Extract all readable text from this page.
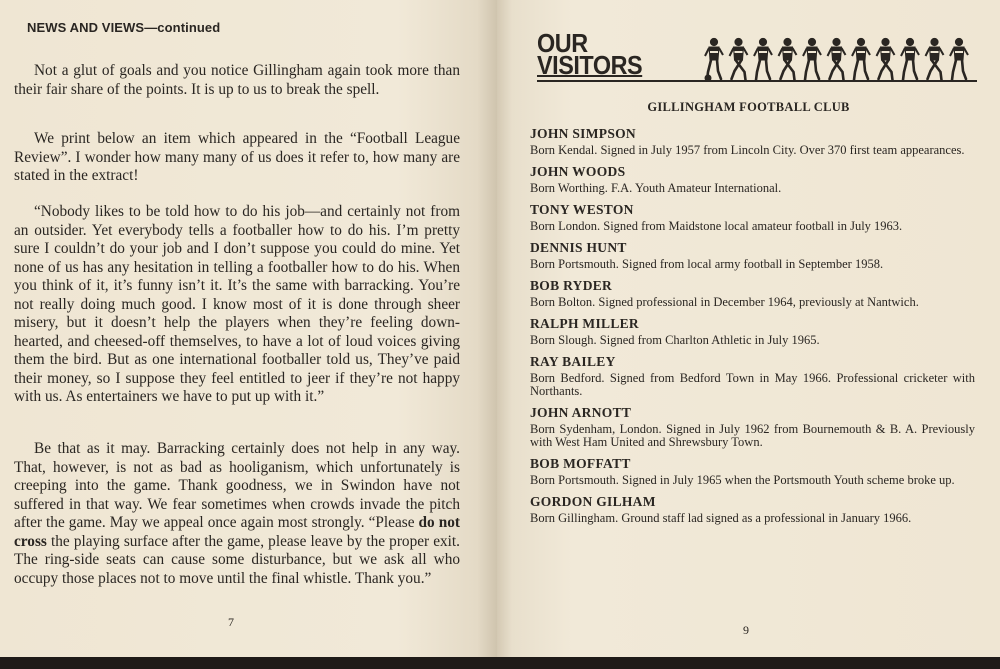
NEWS AND VIEWS—continued

Not a glut of goals and you notice Gillingham again took more than their fair share of the points. It is up to us to break the spell.

We print below an item which appeared in the “Football League Review”. I wonder how many many of us does it refer to, how many are stated in the extract!

“Nobody likes to be told how to do his job—and certainly not from an outsider. Yet everybody tells a footballer how to do his. I’m pretty sure I couldn’t do your job and I don’t suppose you could do mine. Yet none of us has any hesitation in telling a footballer how to do his. When you think of it, it’s funny isn’t it. It’s the same with barracking. You’re not really doing much good. I know most of it is done through sheer misery, but it doesn’t help the players when they’re feeling down-hearted, and cheesed-off themselves, to have a lot of loud voices giving them the bird. But as one international footballer told us, They’ve paid their money, so I suppose they feel entitled to jeer if they’re not happy with us. As entertainers we have to put up with it.”

Be that as it may. Barracking certainly does not help in any way. That, however, is not as bad as hooliganism, which unfortunately is creeping into the game. Thank goodness, we in Swindon have not suffered in that way. We fear sometimes when crowds invade the pitch after the game. May we appeal once again most strongly. “Please do not cross the playing surface after the game, please leave by the proper exit. The ring-side seats can cause some disturbance, but we ask all who occupy those places not to move until the final whistle. Thank you.”

7
OUR
VISITORS
GILLINGHAM FOOTBALL CLUB
JOHN SIMPSON
Born Kendal. Signed in July 1957 from Lincoln City. Over 370 first team appearances.
JOHN WOODS
Born Worthing. F.A. Youth Amateur International.
TONY WESTON
Born London. Signed from Maidstone local amateur football in July 1963.
DENNIS HUNT
Born Portsmouth. Signed from local army football in September 1958.
BOB RYDER
Born Bolton. Signed professional in December 1964, previously at Nantwich.
RALPH MILLER
Born Slough. Signed from Charlton Athletic in July 1965.
RAY BAILEY
Born Bedford. Signed from Bedford Town in May 1966. Professional cricketer with Northants.
JOHN ARNOTT
Born Sydenham, London. Signed in July 1962 from Bournemouth & B. A. Previously with West Ham United and Shrewsbury Town.
BOB MOFFATT
Born Portsmouth. Signed in July 1965 when the Portsmouth Youth scheme broke up.
GORDON GILHAM
Born Gillingham. Ground staff lad signed as a professional in January 1966.
9
